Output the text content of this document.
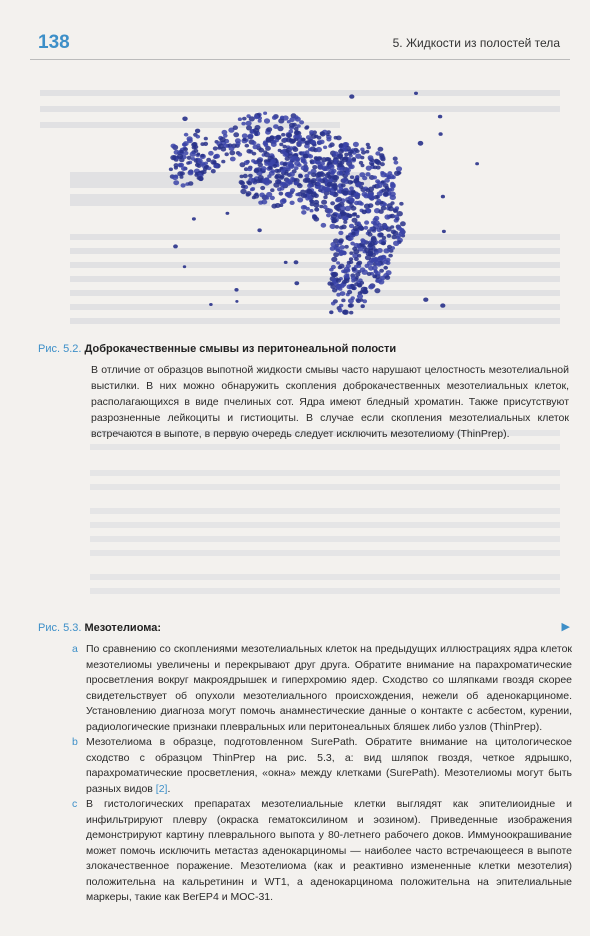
138	5. Жидкости из полостей тела
Рис. 5.2. Доброкачественные смывы из перитонеальной полости

В отличие от образцов выпотной жидкости смывы часто нарушают целостность мезотелиальной выстилки. В них можно обнаружить скопления доброкачественных мезотелиальных клеток, располагающихся в виде пчелиных сот. Ядра имеют бледный хроматин. Также присутствуют разрозненные лейкоциты и гистиоциты. В случае если скопления мезотелиальных клеток встречаются в выпоте, в первую очередь следует исключить мезотелиому (ThinPrep).

Рис. 5.3. Мезотелиома:	▶

a По сравнению со скоплениями мезотелиальных клеток на предыдущих иллюстрациях ядра клеток мезотелиомы увеличены и перекрывают друг друга. Обратите внимание на парахроматические просветления вокруг макроядрышек и гиперхромию ядер. Сходство со шляпками гвоздя скорее свидетельствует об опухоли мезотелиального происхождения, нежели об аденокарциноме. Установлению диагноза могут помочь анамнестические данные о контакте с асбестом, курении, радиологические признаки плевральных или перитонеальных бляшек либо узлов (ThinPrep).

b Мезотелиома в образце, подготовленном SurePath. Обратите внимание на цитологическое сходство с образцом ThinPrep на рис. 5.3, а: вид шляпок гвоздя, четкое ядрышко, парахроматические просветления, «окна» между клетками (SurePath). Мезотелиомы могут быть разных видов [2].

c В гистологических препаратах мезотелиальные клетки выглядят как эпителиоидные и инфильтрируют плевру (окраска гематоксилином и эозином). Приведенные изображения демонстрируют картину плеврального выпота у 80-летнего рабочего доков. Иммуноокрашивание может помочь исключить метастаз аденокарциномы — наиболее часто встречающееся в выпоте злокачественное поражение. Мезотелиома (как и реактивно измененные клетки мезотелия) положительна на кальретинин и WT1, а аденокарцинома положительна на эпителиальные маркеры, такие как BerEP4 и MOC-31.
